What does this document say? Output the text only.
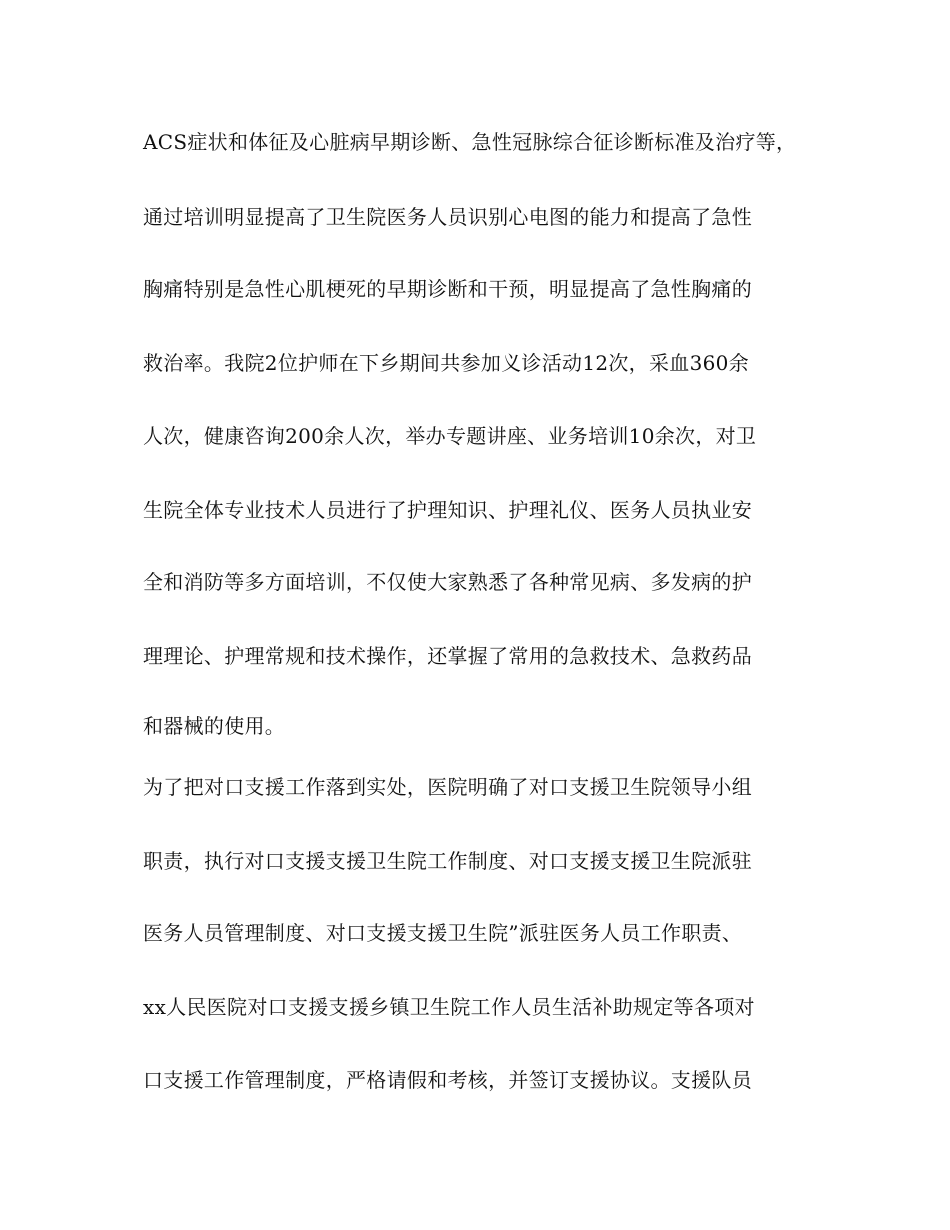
ACS症状和体征及心脏病早期诊断、急性冠脉综合征诊断标准及治疗等，
通过培训明显提高了卫生院医务人员识别心电图的能力和提高了急性
胸痛特别是急性心肌梗死的早期诊断和干预，明显提高了急性胸痛的
救治率。我院2位护师在下乡期间共参加义诊活动12次，采血360余
人次，健康咨询200余人次，举办专题讲座、业务培训10余次，对卫
生院全体专业技术人员进行了护理知识、护理礼仪、医务人员执业安
全和消防等多方面培训，不仅使大家熟悉了各种常见病、多发病的护
理理论、护理常规和技术操作，还掌握了常用的急救技术、急救药品
和器械的使用。
为了把对口支援工作落到实处，医院明确了对口支援卫生院领导小组
职责，执行对口支援支援卫生院工作制度、对口支援支援卫生院派驻
医务人员管理制度、对口支援支援卫生院”派驻医务人员工作职责、
xx人民医院对口支援支援乡镇卫生院工作人员生活补助规定等各项对
口支援工作管理制度，严格请假和考核，并签订支援协议。支援队员
